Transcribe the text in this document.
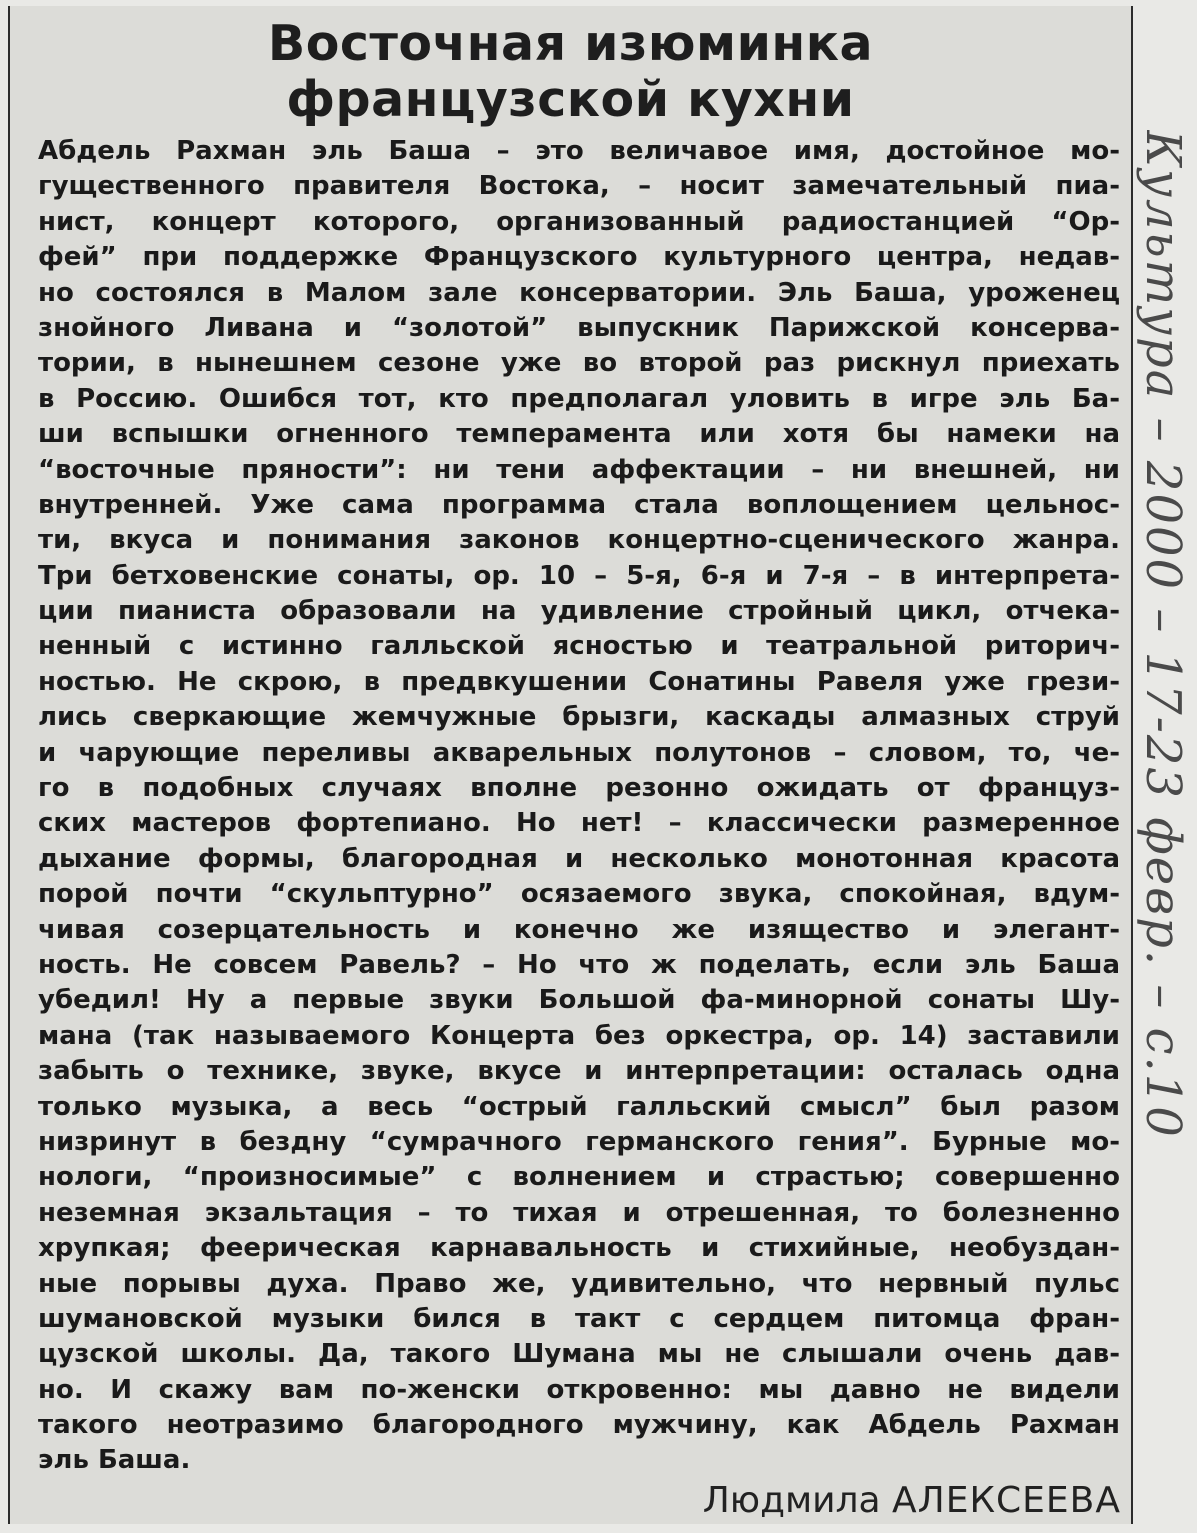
Восточная изюминка
французской кухни
Абдель Рахман эль Баша – это величавое имя, достойное мо-
гущественного правителя Востока, – носит замечательный пиа-
нист, концерт которого, организованный радиостанцией “Ор-
фей” при поддержке Французского культурного центра, недав-
но состоялся в Малом зале консерватории. Эль Баша, уроженец
знойного Ливана и “золотой” выпускник Парижской консерва-
тории, в нынешнем сезоне уже во второй раз рискнул приехать
в Россию. Ошибся тот, кто предполагал уловить в игре эль Ба-
ши вспышки огненного темперамента или хотя бы намеки на
“восточные пряности”: ни тени аффектации – ни внешней, ни
внутренней. Уже сама программа стала воплощением цельнос-
ти, вкуса и понимания законов концертно-сценического жанра.
Три бетховенские сонаты, ор. 10 – 5-я, 6-я и 7-я – в интерпрета-
ции пианиста образовали на удивление стройный цикл, отчека-
ненный с истинно галльской ясностью и театральной риторич-
ностью. Не скрою, в предвкушении Сонатины Равеля уже грези-
лись сверкающие жемчужные брызги, каскады алмазных струй
и чарующие переливы акварельных полутонов – словом, то, че-
го в подобных случаях вполне резонно ожидать от француз-
ских мастеров фортепиано. Но нет! – классически размеренное
дыхание формы, благородная и несколько монотонная красота
порой почти “скульптурно” осязаемого звука, спокойная, вдум-
чивая созерцательность и конечно же изящество и элегант-
ность. Не совсем Равель? – Но что ж поделать, если эль Баша
убедил! Ну а первые звуки Большой фа-минорной сонаты Шу-
мана (так называемого Концерта без оркестра, ор. 14) заставили
забыть о технике, звуке, вкусе и интерпретации: осталась одна
только музыка, а весь “острый галльский смысл” был разом
низринут в бездну “сумрачного германского гения”. Бурные мо-
нологи, “произносимые” с волнением и страстью; совершенно
неземная экзальтация – то тихая и отрешенная, то болезненно
хрупкая; феерическая карнавальность и стихийные, необуздан-
ные порывы духа. Право же, удивительно, что нервный пульс
шумановской музыки бился в такт с сердцем питомца фран-
цузской школы. Да, такого Шумана мы не слышали очень дав-
но. И скажу вам по-женски откровенно: мы давно не видели
такого неотразимо благородного мужчину, как Абдель Рахман
эль Баша.
Людмила АЛЕКСЕЕВА
Культура – 2000 – 17-23 февр. – с.10
